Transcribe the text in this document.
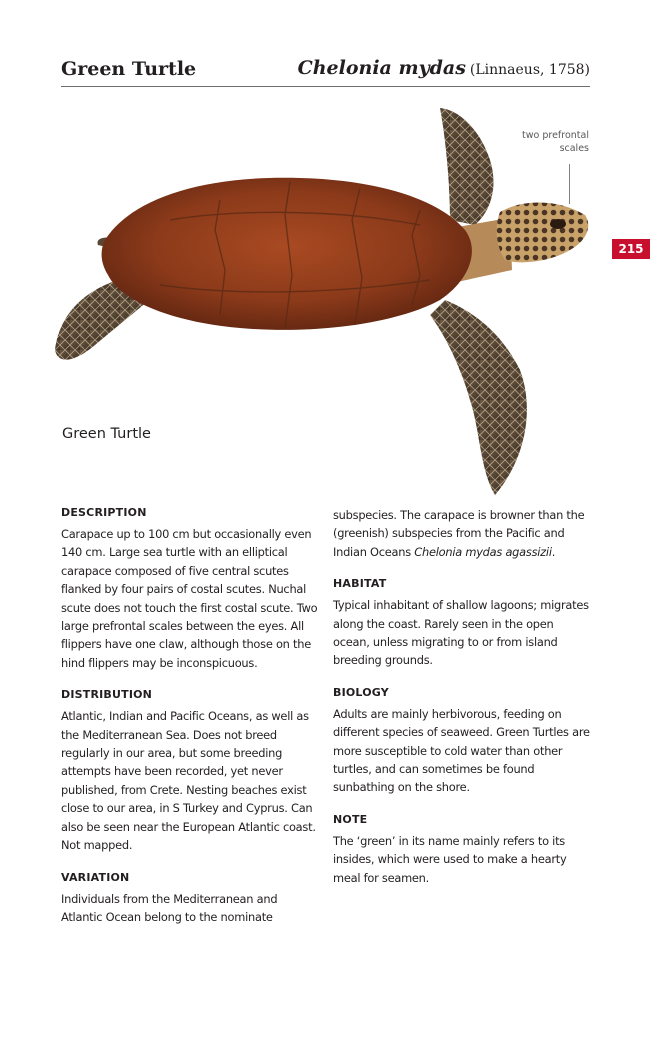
Green Turtle	Chelonia mydas (Linnaeus, 1758)
215
two prefrontal
scales
Green Turtle
DESCRIPTION

Carapace up to 100 cm but occasionally even 140 cm. Large sea turtle with an elliptical carapace composed of five central scutes flanked by four pairs of costal scutes. Nuchal scute does not touch the first costal scute. Two large prefrontal scales between the eyes. All flippers have one claw, although those on the hind flippers may be inconspicuous.

DISTRIBUTION

Atlantic, Indian and Pacific Oceans, as well as the Mediterranean Sea. Does not breed regularly in our area, but some breeding attempts have been recorded, yet never published, from Crete. Nesting beaches exist close to our area, in S Turkey and Cyprus. Can also be seen near the European Atlantic coast. Not mapped.

VARIATION

Individuals from the Mediterranean and Atlantic Ocean belong to the nominate

subspecies. The carapace is browner than the (greenish) subspecies from the Pacific and Indian Oceans Chelonia mydas agassizii.

HABITAT

Typical inhabitant of shallow lagoons; migrates along the coast. Rarely seen in the open ocean, unless migrating to or from island breeding grounds.

BIOLOGY

Adults are mainly herbivorous, feeding on different species of seaweed. Green Turtles are more susceptible to cold water than other turtles, and can sometimes be found sunbathing on the shore.

NOTE

The ‘green’ in its name mainly refers to its insides, which were used to make a hearty meal for seamen.
